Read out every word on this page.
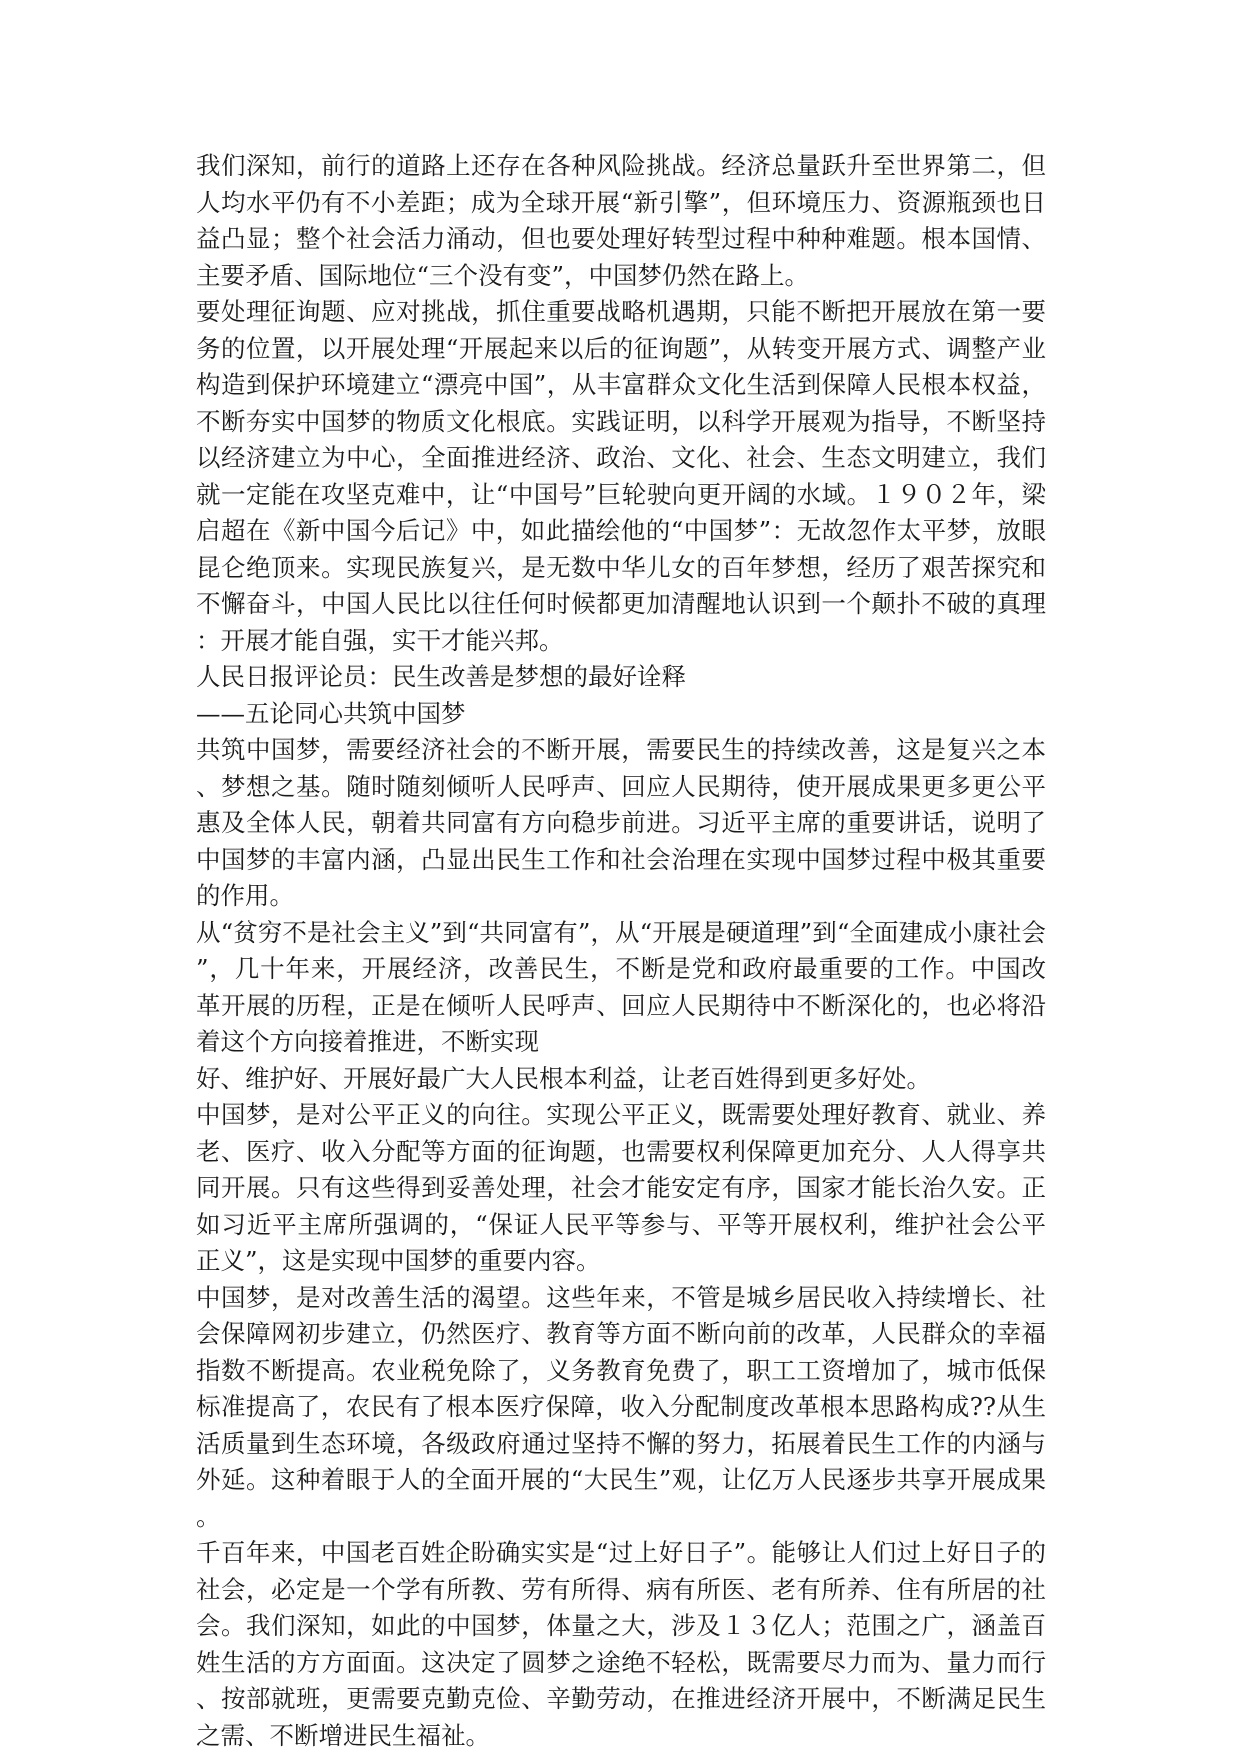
我们深知，前行的道路上还存在各种风险挑战。经济总量跃升至世界第二，但
人均水平仍有不小差距；成为全球开展“新引擎”，但环境压力、资源瓶颈也日
益凸显；整个社会活力涌动，但也要处理好转型过程中种种难题。根本国情、
主要矛盾、国际地位“三个没有变”，中国梦仍然在路上。
要处理征询题、应对挑战，抓住重要战略机遇期，只能不断把开展放在第一要
务的位置，以开展处理“开展起来以后的征询题”，从转变开展方式、调整产业
构造到保护环境建立“漂亮中国”，从丰富群众文化生活到保障人民根本权益，
不断夯实中国梦的物质文化根底。实践证明，以科学开展观为指导，不断坚持
以经济建立为中心，全面推进经济、政治、文化、社会、生态文明建立，我们
就一定能在攻坚克难中，让“中国号”巨轮驶向更开阔的水域。１９０２年，梁
启超在《新中国今后记》中，如此描绘他的“中国梦”：无故忽作太平梦，放眼
昆仑绝顶来。实现民族复兴，是无数中华儿女的百年梦想，经历了艰苦探究和
不懈奋斗，中国人民比以往任何时候都更加清醒地认识到一个颠扑不破的真理
：开展才能自强，实干才能兴邦。
人民日报评论员：民生改善是梦想的最好诠释
——五论同心共筑中国梦
共筑中国梦，需要经济社会的不断开展，需要民生的持续改善，这是复兴之本
、梦想之基。随时随刻倾听人民呼声、回应人民期待，使开展成果更多更公平
惠及全体人民，朝着共同富有方向稳步前进。习近平主席的重要讲话，说明了
中国梦的丰富内涵，凸显出民生工作和社会治理在实现中国梦过程中极其重要
的作用。
从“贫穷不是社会主义”到“共同富有”，从“开展是硬道理”到“全面建成小康社会
”，几十年来，开展经济，改善民生，不断是党和政府最重要的工作。中国改
革开展的历程，正是在倾听人民呼声、回应人民期待中不断深化的，也必将沿
着这个方向接着推进，不断实现
好、维护好、开展好最广大人民根本利益，让老百姓得到更多好处。
中国梦，是对公平正义的向往。实现公平正义，既需要处理好教育、就业、养
老、医疗、收入分配等方面的征询题，也需要权利保障更加充分、人人得享共
同开展。只有这些得到妥善处理，社会才能安定有序，国家才能长治久安。正
如习近平主席所强调的，“保证人民平等参与、平等开展权利，维护社会公平
正义”，这是实现中国梦的重要内容。
中国梦，是对改善生活的渴望。这些年来，不管是城乡居民收入持续增长、社
会保障网初步建立，仍然医疗、教育等方面不断向前的改革，人民群众的幸福
指数不断提高。农业税免除了，义务教育免费了，职工工资增加了，城市低保
标准提高了，农民有了根本医疗保障，收入分配制度改革根本思路构成??从生
活质量到生态环境，各级政府通过坚持不懈的努力，拓展着民生工作的内涵与
外延。这种着眼于人的全面开展的“大民生”观，让亿万人民逐步共享开展成果
。
千百年来，中国老百姓企盼确实实是“过上好日子”。能够让人们过上好日子的
社会，必定是一个学有所教、劳有所得、病有所医、老有所养、住有所居的社
会。我们深知，如此的中国梦，体量之大，涉及１３亿人；范围之广，涵盖百
姓生活的方方面面。这决定了圆梦之途绝不轻松，既需要尽力而为、量力而行
、按部就班，更需要克勤克俭、辛勤劳动，在推进经济开展中，不断满足民生
之需、不断增进民生福祉。
